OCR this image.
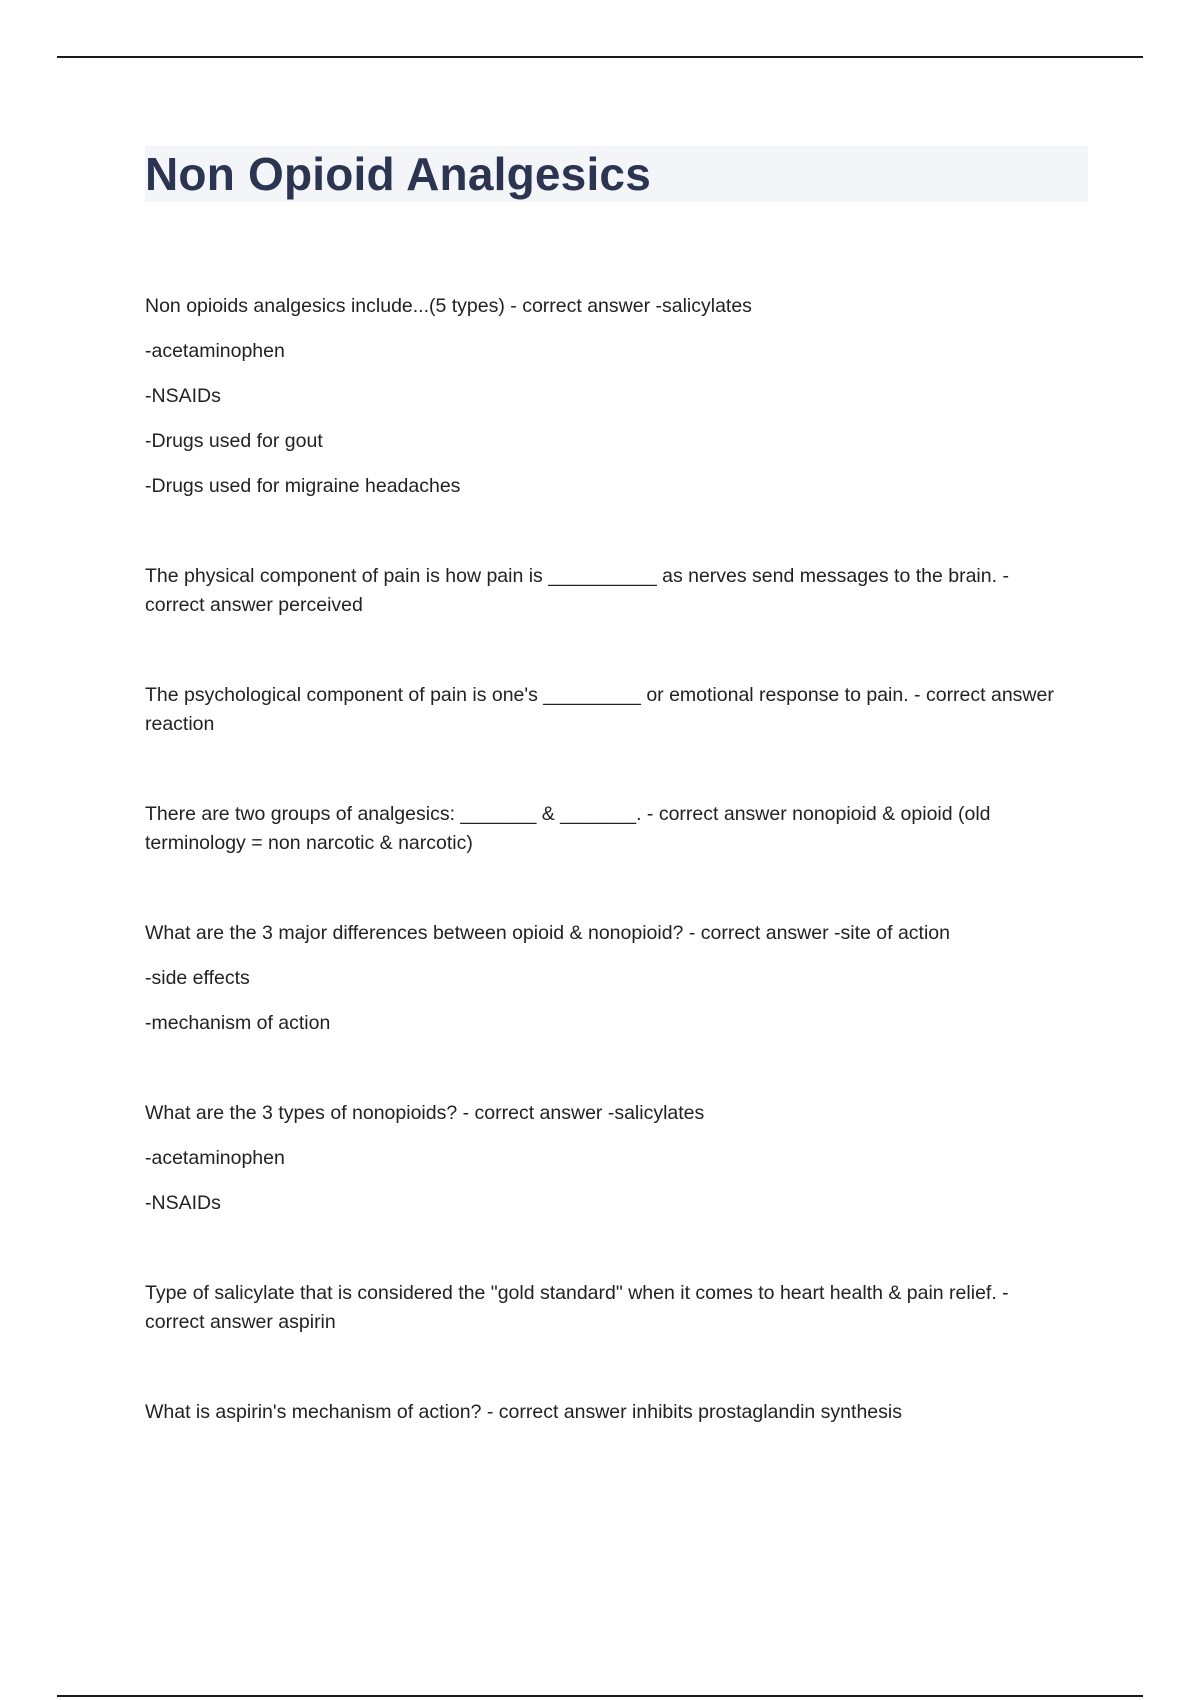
Non Opioid Analgesics

Non opioids analgesics include...(5 types) - correct answer -salicylates

-acetaminophen

-NSAIDs

-Drugs used for gout

-Drugs used for migraine headaches

The physical component of pain is how pain is __________ as nerves send messages to the brain. - correct answer perceived

The psychological component of pain is one's _________ or emotional response to pain. - correct answer reaction

There are two groups of analgesics: _______ & _______. - correct answer nonopioid & opioid (old terminology = non narcotic & narcotic)

What are the 3 major differences between opioid & nonopioid? - correct answer -site of action

-side effects

-mechanism of action

What are the 3 types of nonopioids? - correct answer -salicylates

-acetaminophen

-NSAIDs

Type of salicylate that is considered the "gold standard" when it comes to heart health & pain relief. - correct answer aspirin

What is aspirin's mechanism of action? - correct answer inhibits prostaglandin synthesis
